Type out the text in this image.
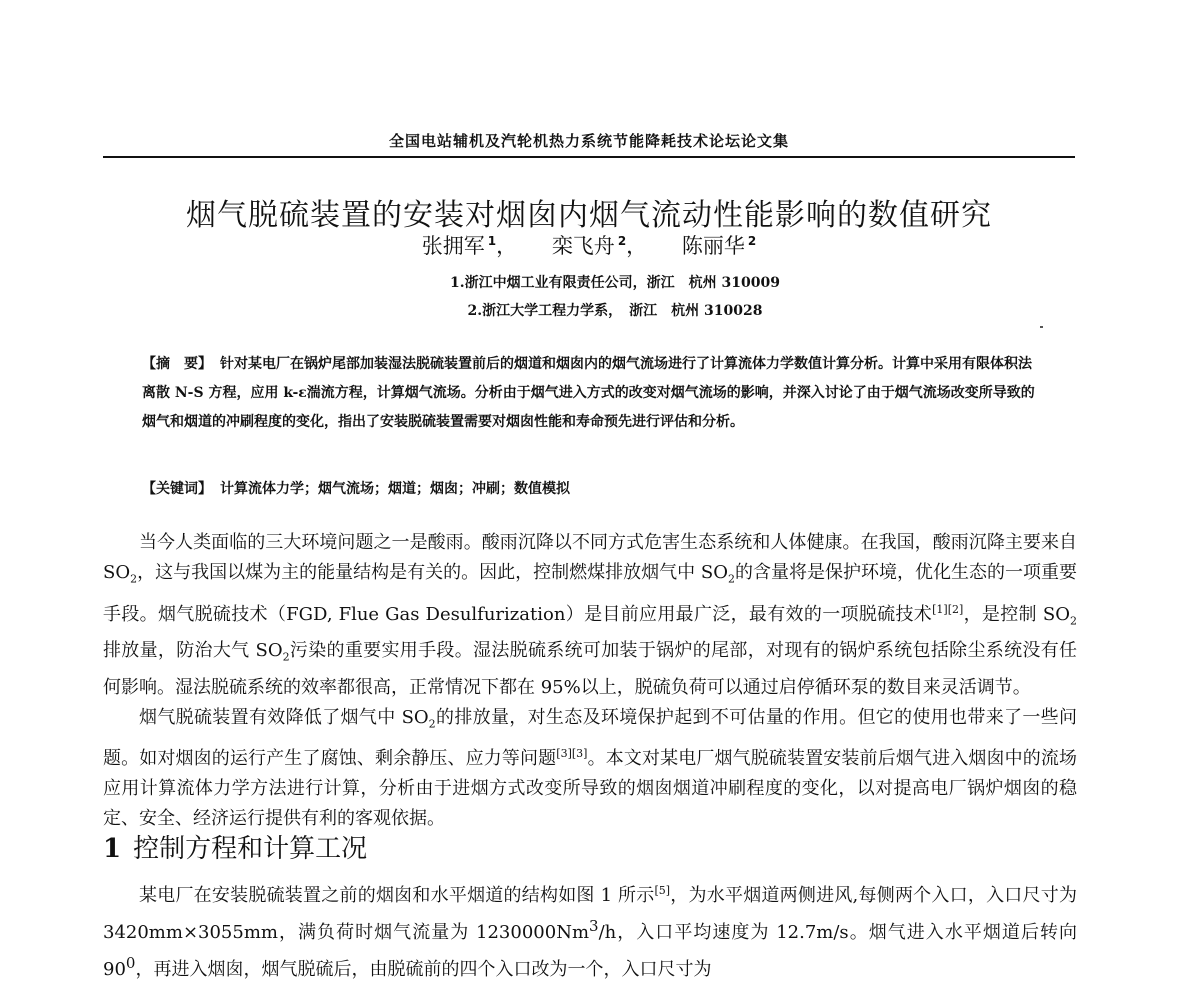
全国电站辅机及汽轮机热力系统节能降耗技术论坛论文集
烟气脱硫装置的安装对烟囱内烟气流动性能影响的数值研究
张拥军 $^1$， 栾飞舟 $^2$， 陈丽华 $^2$
1.浙江中烟工业有限责任公司，浙江　杭州 310009
2.浙江大学工程力学系，　浙江　杭州 310028

【摘　要】 针对某电厂在锅炉尾部加装湿法脱硫装置前后的烟道和烟囱内的烟气流场进行了计算流体力学数值计算分析。计算中采用有限体积法离散 N-S 方程，应用 k-ε湍流方程，计算烟气流场。分析由于烟气进入方式的改变对烟气流场的影响，并深入讨论了由于烟气流场改变所导致的烟气和烟道的冲刷程度的变化，指出了安装脱硫装置需要对烟囱性能和寿命预先进行评估和分析。

【关键词】 计算流体力学；烟气流场；烟道；烟囱；冲刷；数值模拟

当今人类面临的三大环境问题之一是酸雨。酸雨沉降以不同方式危害生态系统和人体健康。在我国，酸雨沉降主要来自 $SO_2$，这与我国以煤为主的能量结构是有关的。因此，控制燃煤排放烟气中 $SO_2$的含量将是保护环境，优化生态的一项重要手段。烟气脱硫技术（FGD, Flue Gas Desulfurization）是目前应用最广泛，最有效的一项脱硫技术[1][2]，是控制 $SO_2$排放量，防治大气 $SO_2$污染的重要实用手段。湿法脱硫系统可加装于锅炉的尾部，对现有的锅炉系统包括除尘系统没有任何影响。湿法脱硫系统的效率都很高，正常情况下都在 95%以上，脱硫负荷可以通过启停循环泵的数目来灵活调节。

烟气脱硫装置有效降低了烟气中 $SO_2$的排放量，对生态及环境保护起到不可估量的作用。但它的使用也带来了一些问题。如对烟囱的运行产生了腐蚀、剩余静压、应力等问题[3][3]。本文对某电厂烟气脱硫装置安装前后烟气进入烟囱中的流场应用计算流体力学方法进行计算，分析由于进烟方式改变所导致的烟囱烟道冲刷程度的变化，以对提高电厂锅炉烟囱的稳定、安全、经济运行提供有利的客观依据。

1 控制方程和计算工况

某电厂在安装脱硫装置之前的烟囱和水平烟道的结构如图 1 所示[5]，为水平烟道两侧进风,每侧两个入口，入口尺寸为 3420mm×3055mm，满负荷时烟气流量为 1230000Nm$^3$/h，入口平均速度为 12.7m/s。烟气进入水平烟道后转向 $90^0$，再进入烟囱，烟气脱硫后，由脱硫前的四个入口改为一个，入口尺寸为
